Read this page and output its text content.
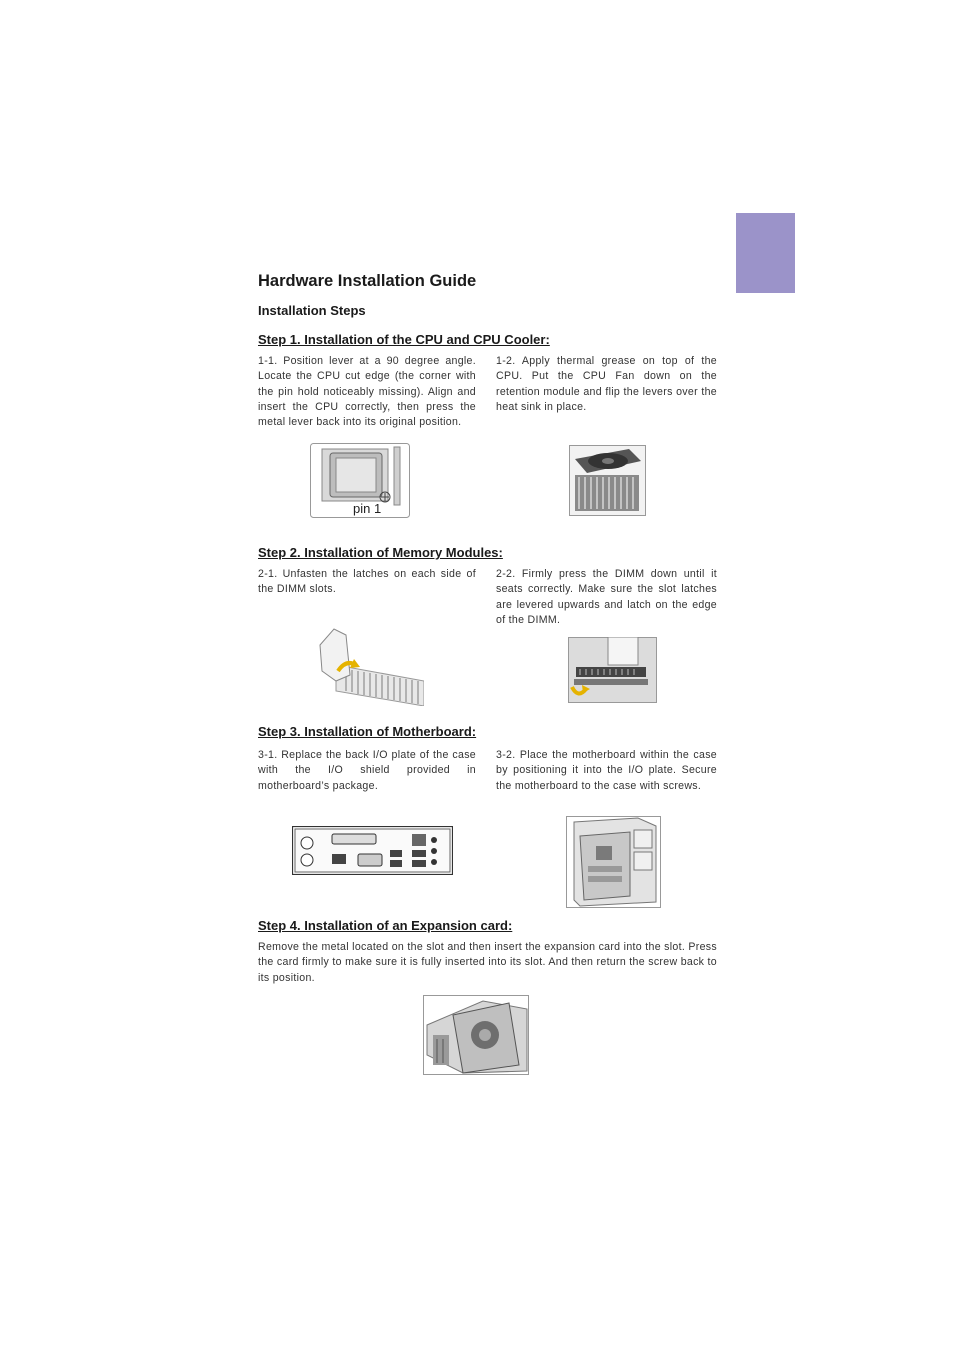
Hardware Installation Guide
Installation Steps
Step 1. Installation of the CPU and CPU Cooler:

1-1. Position lever at a 90 degree angle. Locate the CPU cut edge (the corner with the pin hold noticeably missing). Align and insert the CPU correctly, then press the metal lever back into its original position.

1-2. Apply thermal grease on top of the CPU. Put the CPU Fan down on the retention module and flip the levers over the heat sink in place.

pin 1
Step 2. Installation of Memory Modules:

2-1. Unfasten the latches on each side of the DIMM slots.

2-2. Firmly press the DIMM down until it seats correctly. Make sure the slot latches are levered upwards and latch on the edge of the DIMM.

Step 3. Installation of Motherboard:

3-1. Replace the back I/O plate of the case with the I/O shield provided in motherboard’s package.

3-2. Place the motherboard within the case by positioning it into the I/O plate. Secure the motherboard to the case with screws.

Step 4. Installation of an Expansion card:

Remove the metal located on the slot and then insert the expansion card into the slot. Press the card firmly to make sure it is fully inserted into its slot. And then return the screw back to its position.
